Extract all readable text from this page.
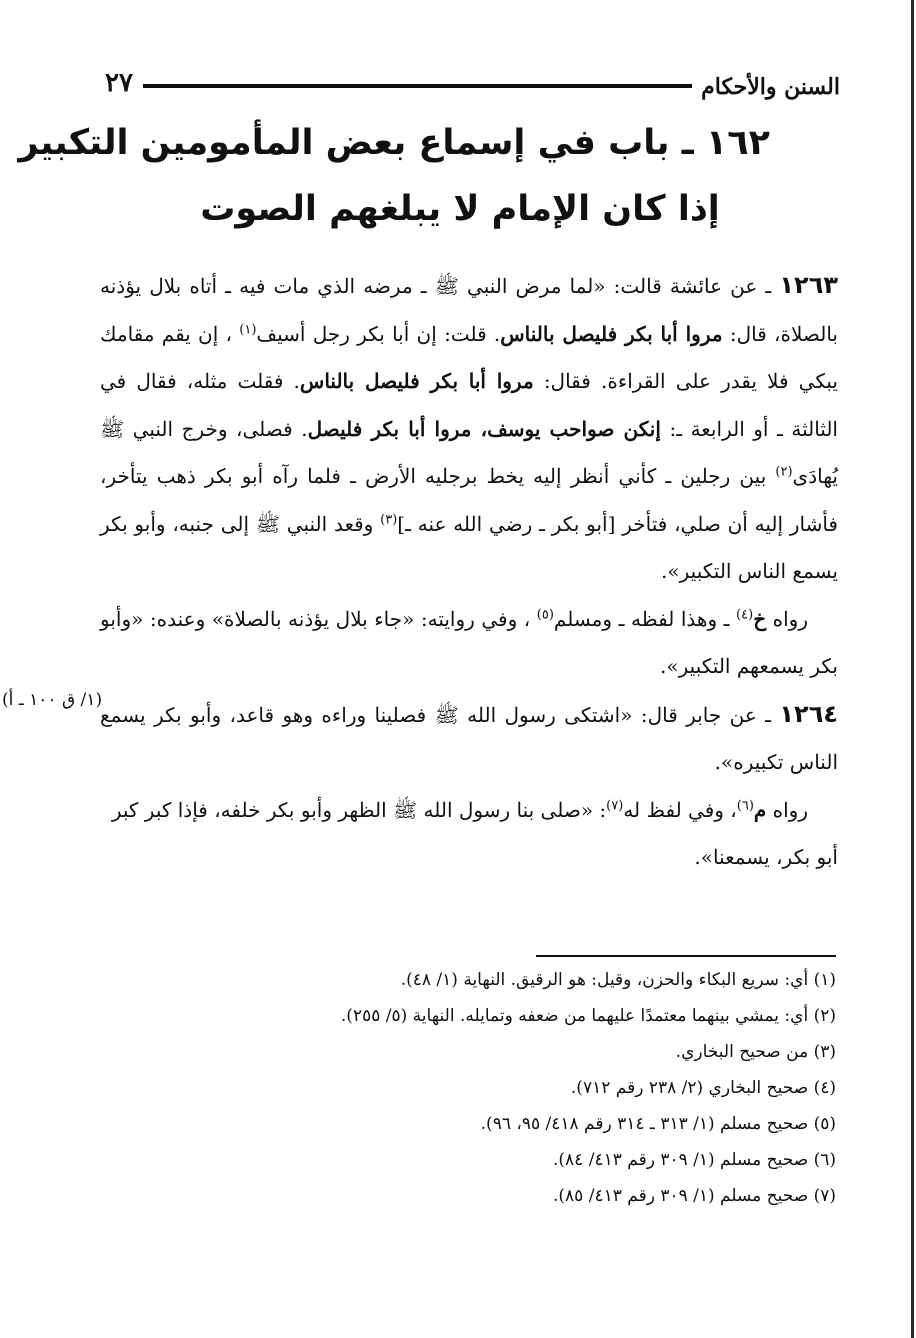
السنن والأحكام
٢٧
١٦٢ ـ باب في إسماع بعض المأمومين التكبير
إذا كان الإمام لا يبلغهم الصوت

١٢٦٣ ـ عن عائشة قالت: «لما مرض النبي ﷺ ـ مرضه الذي مات فيه ـ أتاه بلال يؤذنه بالصلاة، قال: مروا أبا بكر فليصل بالناس. قلت: إن أبا بكر رجل أسيف$^{(١)}$ ، إن يقم مقامك يبكي فلا يقدر على القراءة. فقال: مروا أبا بكر فليصل بالناس. فقلت مثله، فقال في الثالثة ـ أو الرابعة ـ: إنكن صواحب يوسف، مروا أبا بكر فليصل. فصلى، وخرج النبي ﷺ يُهادَى$^{(٢)}$ بين رجلين ـ كأني أنظر إليه يخط برجليه الأرض ـ فلما رآه أبو بكر ذهب يتأخر، فأشار إليه أن صلي، فتأخر [أبو بكر ـ رضي الله عنه ـ]$^{(٣)}$ وقعد النبي ﷺ إلى جنبه، وأبو بكر يسمع الناس التكبير».

رواه خ$^{(٤)}$ ـ وهذا لفظه ـ ومسلم$^{(٥)}$ ، وفي روايته: «جاء بلال يؤذنه بالصلاة» وعنده: «وأبو بكر يسمعهم التكبير».

١٢٦٤ ـ عن جابر قال: «اشتكى رسول الله ﷺ فصلينا وراءه وهو قاعد، وأبو بكر يسمع الناس تكبيره».

رواه م$^{(٦)}$، وفي لفظ له$^{(٧)}$: «صلى بنا رسول الله ﷺ الظهر وأبو بكر خلفه، فإذا كبر كبر أبو بكر، يسمعنا».

(١/ ق ١٠٠ ـ أ)

(١) أي: سريع البكاء والحزن، وقيل: هو الرقيق. النهاية (١/ ٤٨).

(٢) أي: يمشي بينهما معتمدًا عليهما من ضعفه وتمايله. النهاية (٥/ ٢٥٥).

(٣) من صحيح البخاري.

(٤) صحيح البخاري (٢/ ٢٣٨ رقم ٧١٢).

(٥) صحيح مسلم (١/ ٣١٣ ـ ٣١٤ رقم ٤١٨/ ٩٥، ٩٦).

(٦) صحيح مسلم (١/ ٣٠٩ رقم ٤١٣/ ٨٤).

(٧) صحيح مسلم (١/ ٣٠٩ رقم ٤١٣/ ٨٥).
